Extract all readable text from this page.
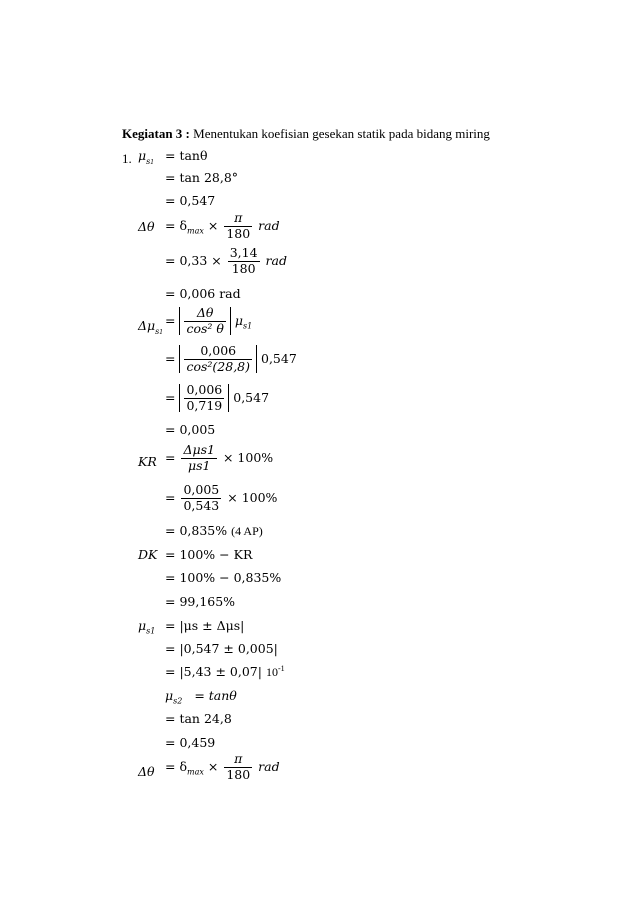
Kegiatan 3 : Menentukan koefisian gesekan statik pada bidang miring
1. $\mu_{s1} = \tan\theta$
= tan 28,8°
= 0,547
$\Delta\theta = \delta_{max} \times \frac{\pi}{180}$ rad
= $0,33 \times \frac{3,14}{180}$ rad
= 0,006 rad
$\Delta\mu_{s1}$
= $\frac{\Delta\theta}{\text{cos² θ}} \mu_{s1}$
= $\frac{0,006}{\text{cos²(28,8)}} 0,547$
= $\frac{0,006}{0,719} 0,547$
= 0,005
KR = $\frac{\text{Δμs1}}{\mu s1} \times 100\%$
= $\frac{0,005}{0,543} \times 100\%$
= 0,835% (4 AP)
DK = 100% − KR
= 100% − 0,835%
= 99,165%
$\mu_{s1} = |\mu s \pm \Delta\mu s|$
= |0,547 ± 0,005|
= |5,43 ± 0,07| $10^{-1}$
$\mu_{s2} = \tan\theta$
= tan 24,8
= 0,459
$\Delta\theta = \delta_{max} \times \frac{\pi}{180}$ rad
